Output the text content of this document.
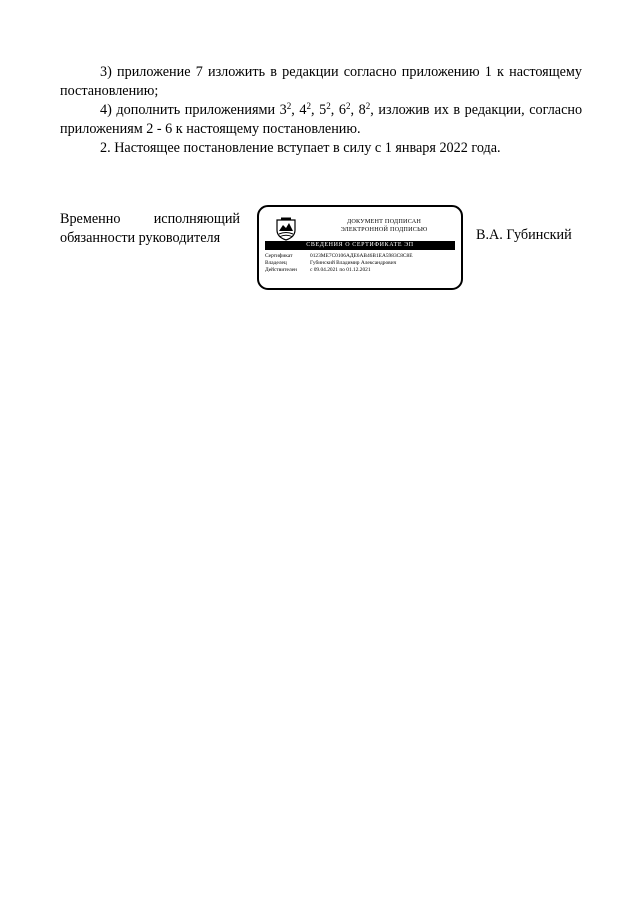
3) приложение 7 изложить в редакции согласно приложению 1 к настоящему постановлению;

4) дополнить приложениями $3^2$, $4^2$, $5^2$, $6^2$, $8^2$, изложив их в редакции, согласно приложениям 2 - 6 к настоящему постановлению.

2. Настоящее постановление вступает в силу с 1 января 2022 года.

Временно исполняющий
обязанности руководителя
ДОКУМЕНТ ПОДПИСАН
ЭЛЕКТРОННОЙ ПОДПИСЬЮ
СВЕДЕНИЯ О СЕРТИФИКАТЕ ЭП
Сертификат	0123МЕ7С0106АДЕ6АВ46В1ЕА5983С8С8Е
Владелец	Губинский Владимир Александрович
Действителен	с 09.04.2021 по 01.12.2021
В.А. Губинский
